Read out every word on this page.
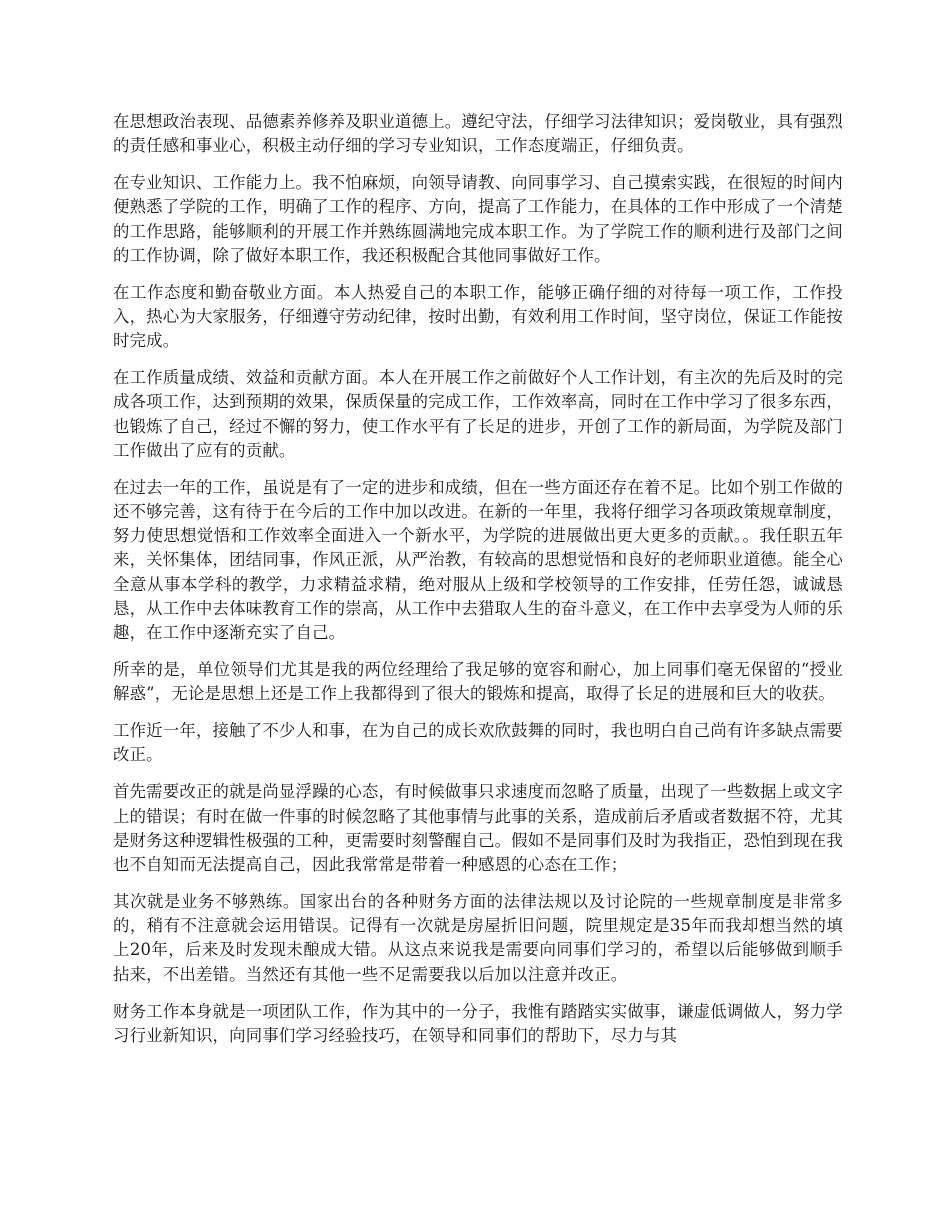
在思想政治表现、品德素养修养及职业道德上。遵纪守法，仔细学习法律知识；爱岗敬业，具有强烈的责任感和事业心，积极主动仔细的学习专业知识，工作态度端正，仔细负责。

在专业知识、工作能力上。我不怕麻烦，向领导请教、向同事学习、自己摸索实践，在很短的时间内便熟悉了学院的工作，明确了工作的程序、方向，提高了工作能力，在具体的工作中形成了一个清楚的工作思路，能够顺利的开展工作并熟练圆满地完成本职工作。为了学院工作的顺利进行及部门之间的工作协调，除了做好本职工作，我还积极配合其他同事做好工作。

在工作态度和勤奋敬业方面。本人热爱自己的本职工作，能够正确仔细的对待每一项工作，工作投入，热心为大家服务，仔细遵守劳动纪律，按时出勤，有效利用工作时间，坚守岗位，保证工作能按时完成。

在工作质量成绩、效益和贡献方面。本人在开展工作之前做好个人工作计划，有主次的先后及时的完成各项工作，达到预期的效果，保质保量的完成工作，工作效率高，同时在工作中学习了很多东西，也锻炼了自己，经过不懈的努力，使工作水平有了长足的进步，开创了工作的新局面，为学院及部门工作做出了应有的贡献。

在过去一年的工作，虽说是有了一定的进步和成绩，但在一些方面还存在着不足。比如个别工作做的还不够完善，这有待于在今后的工作中加以改进。在新的一年里，我将仔细学习各项政策规章制度，努力使思想觉悟和工作效率全面进入一个新水平，为学院的进展做出更大更多的贡献。。我任职五年来，关怀集体，团结同事，作风正派，从严治教，有较高的思想觉悟和良好的老师职业道德。能全心全意从事本学科的教学，力求精益求精，绝对服从上级和学校领导的工作安排，任劳任怨，诚诚恳恳，从工作中去体味教育工作的崇高，从工作中去猎取人生的奋斗意义，在工作中去享受为人师的乐趣，在工作中逐渐充实了自己。

所幸的是，单位领导们尤其是我的两位经理给了我足够的宽容和耐心，加上同事们毫无保留的“授业解惑”，无论是思想上还是工作上我都得到了很大的锻炼和提高，取得了长足的进展和巨大的收获。

工作近一年，接触了不少人和事，在为自己的成长欢欣鼓舞的同时，我也明白自己尚有许多缺点需要改正。

首先需要改正的就是尚显浮躁的心态，有时候做事只求速度而忽略了质量，出现了一些数据上或文字上的错误；有时在做一件事的时候忽略了其他事情与此事的关系，造成前后矛盾或者数据不符，尤其是财务这种逻辑性极强的工种，更需要时刻警醒自己。假如不是同事们及时为我指正，恐怕到现在我也不自知而无法提高自己，因此我常常是带着一种感恩的心态在工作；

其次就是业务不够熟练。国家出台的各种财务方面的法律法规以及讨论院的一些规章制度是非常多的，稍有不注意就会运用错误。记得有一次就是房屋折旧问题，院里规定是35年而我却想当然的填上20年，后来及时发现未酿成大错。从这点来说我是需要向同事们学习的，希望以后能够做到顺手拈来，不出差错。当然还有其他一些不足需要我以后加以注意并改正。

财务工作本身就是一项团队工作，作为其中的一分子，我惟有踏踏实实做事，谦虚低调做人，努力学习行业新知识，向同事们学习经验技巧，在领导和同事们的帮助下，尽力与其
